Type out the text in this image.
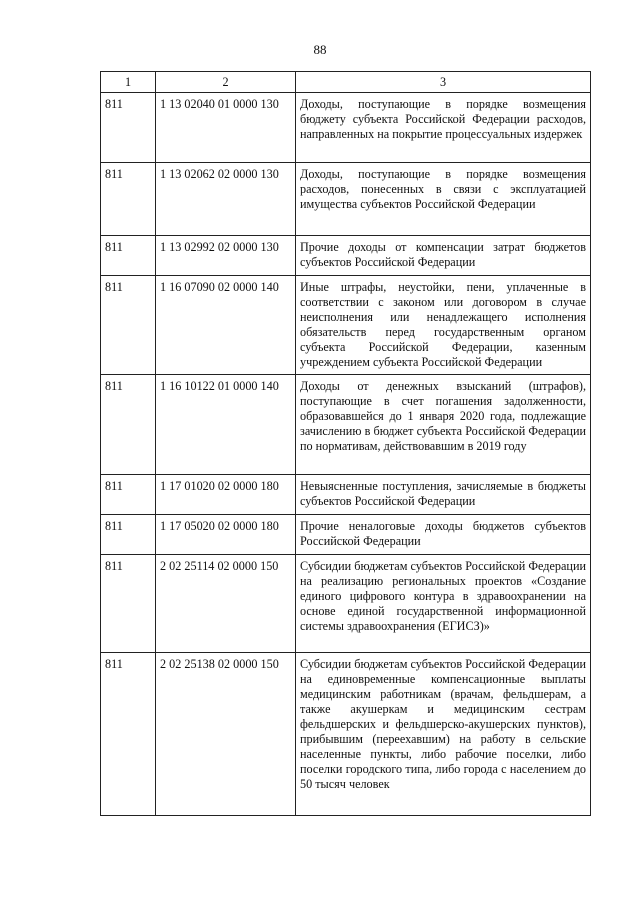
88
1	2	3
811	1 13 02040 01 0000 130	Доходы, поступающие в порядке возмещения бюджету субъекта Российской Федерации расходов, направленных на покрытие процессуальных издержек
811	1 13 02062 02 0000 130	Доходы, поступающие в порядке возмещения расходов, понесенных в связи с эксплуатацией имущества субъектов Российской Федерации
811	1 13 02992 02 0000 130	Прочие доходы от компенсации затрат бюджетов субъектов Российской Федерации
811	1 16 07090 02 0000 140	Иные штрафы, неустойки, пени, уплаченные в соответствии с законом или договором в случае неисполнения или ненадлежащего исполнения обязательств перед государственным органом субъекта Российской Федерации, казенным учреждением субъекта Российской Федерации
811	1 16 10122 01 0000 140	Доходы от денежных взысканий (штрафов), поступающие в счет погашения задолженности, образовавшейся до 1 января 2020 года, подлежащие зачислению в бюджет субъекта Российской Федерации по нормативам, действовавшим в 2019 году
811	1 17 01020 02 0000 180	Невыясненные поступления, зачисляемые в бюджеты субъектов Российской Федерации
811	1 17 05020 02 0000 180	Прочие неналоговые доходы бюджетов субъектов Российской Федерации
811	2 02 25114 02 0000 150	Субсидии бюджетам субъектов Российской Федерации на реализацию региональных проектов «Создание единого цифрового контура в здравоохранении на основе единой государственной информационной системы здравоохранения (ЕГИСЗ)»
811	2 02 25138 02 0000 150	Субсидии бюджетам субъектов Российской Федерации на единовременные компенсационные выплаты медицинским работникам (врачам, фельдшерам, а также акушеркам и медицинским сестрам фельдшерских и фельдшерско-акушерских пунктов), прибывшим (переехавшим) на работу в сельские населенные пункты, либо рабочие поселки, либо поселки городского типа, либо города с населением до 50 тысяч человек
